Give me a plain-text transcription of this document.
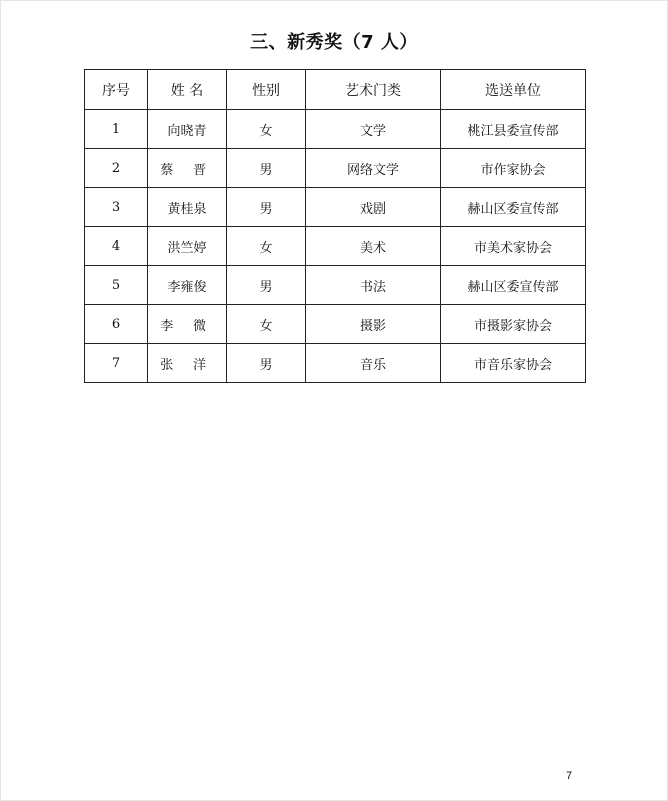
三、新秀奖（7 人）
序号	姓 名	性别	艺术门类	选送单位
1	向晓青	女	文学	桃江县委宣传部
2	蔡 晋	男	网络文学	市作家协会
3	黄桂泉	男	戏剧	赫山区委宣传部
4	洪竺婷	女	美术	市美术家协会
5	李雍俊	男	书法	赫山区委宣传部
6	李 微	女	摄影	市摄影家协会
7	张 洋	男	音乐	市音乐家协会
7
